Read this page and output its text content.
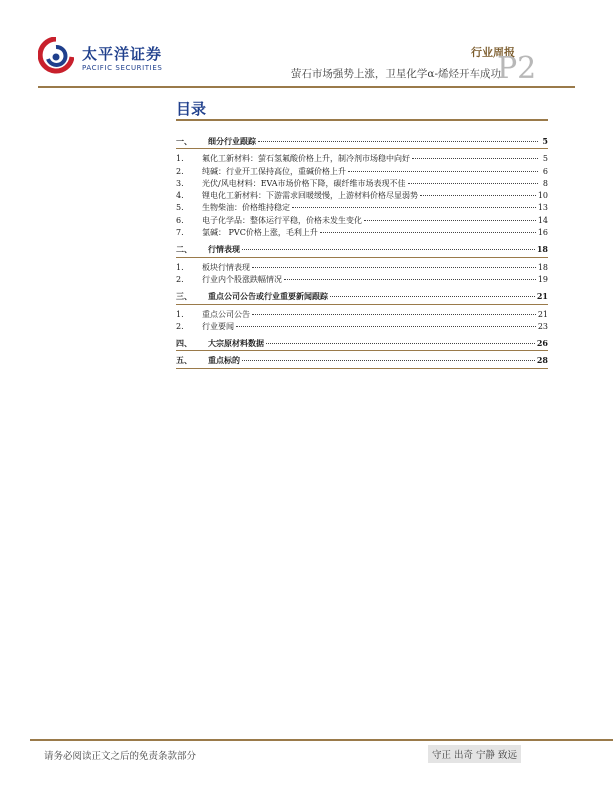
太平洋证券
PACIFIC SECURITIES
行业周报
萤石市场强势上涨，卫星化学α-烯烃开车成功
P2
目录
一、	细分行业跟踪	5
1.	氟化工新材料：萤石氢氟酸价格上升，制冷剂市场稳中向好	5
2.	纯碱：行业开工保持高位，重碱价格上升	6
3.	光伏/风电材料：EVA市场价格下降，碳纤维市场表现不佳	8
4.	锂电化工新材料：下游需求回暖缓慢，上游材料价格尽显弱势	10
5.	生物柴油：价格维持稳定	13
6.	电子化学品：整体运行平稳，价格未发生变化	14
7.	氯碱： PVC价格上涨，毛利上升	16
二、	行情表现	18
1.	板块行情表现	18
2.	行业内个股涨跌幅情况	19
三、	重点公司公告或行业重要新闻跟踪	21
1.	重点公司公告	21
2.	行业要闻	23
四、	大宗原材料数据	26
五、	重点标的	28
请务必阅读正文之后的免责条款部分	守正 出奇 宁静 致远
